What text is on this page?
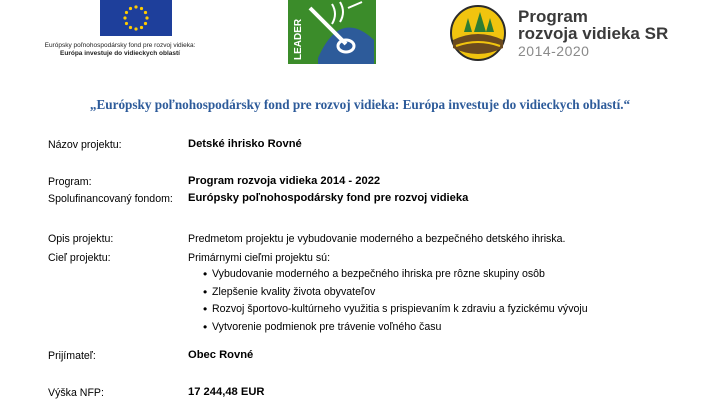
Európsky poľnohospodársky fond pre rozvoj vidieka:
Európa investuje do vidieckych oblastí	LEADER
Program
rozvoja vidieka SR
2014-2020
„Európsky poľnohospodársky fond pre rozvoj vidieka: Európa investuje do vidieckych oblastí.“
Názov projektu:	Detské ihrisko Rovné
Program:	Program rozvoja vidieka 2014 - 2022
Spolufinancovaný fondom: Európsky poľnohospodársky fond pre rozvoj vidieka
Opis projektu:	Predmetom projektu je vybudovanie moderného a bezpečného detského ihriska.
Cieľ projektu:	Primárnymi cieľmi projektu sú:
• Vybudovanie moderného a bezpečného ihriska pre rôzne skupiny osôb
• Zlepšenie kvality života obyvateľov
• Rozvoj športovo-kultúrneho využitia s prispievaním k zdraviu a fyzickému vývoju
• Vytvorenie podmienok pre trávenie voľného času
Prijímateľ:	Obec Rovné
Výška NFP:	17 244,48 EUR
